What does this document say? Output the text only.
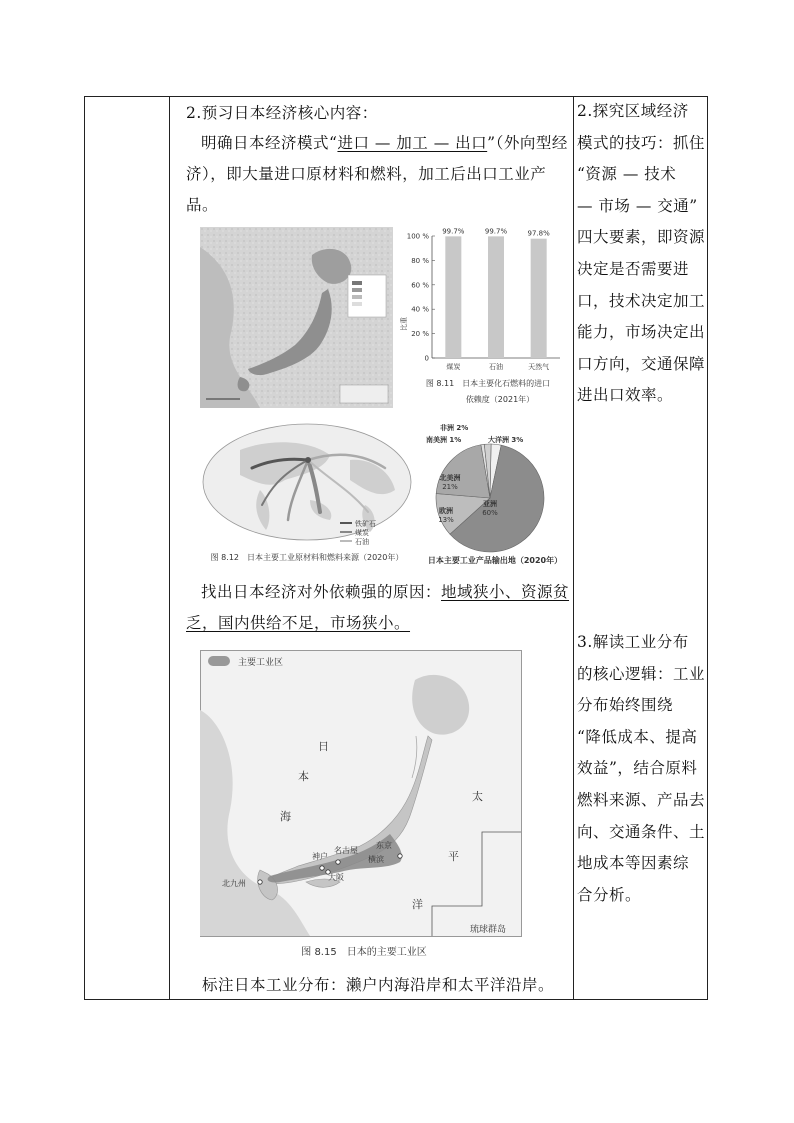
2.预习日本经济核心内容：
明确日本经济模式“进口 — 加工 — 出口”（外向型经济），即大量进口原材料和燃料，加工后出口工业产品。
100 %
80 %
60 %
40 %
20 %
0
99.7%
煤炭
99.7%
石油
97.8%
天然气
比重
图 8.11　日本主要化石燃料的进口
依赖度（2021年）
铁矿石
煤炭
石油
图 8.12　日本主要工业原材料和燃料来源（2020年）
亚洲
60%
欧洲
13%
北美洲
21%
南美洲 1%
非洲 2%
大洋洲 3%
日本主要工业产品输出地（2020年）
找出日本经济对外依赖强的原因：地域狭小、资源贫乏，国内供给不足，市场狭小。
主要工业区
日
本
海
太
平
洋
琉球群岛
北九州
神户
名古屋
大阪
东京
横滨
图 8.15　日本的主要工业区
标注日本工业分布：濑户内海沿岸和太平洋沿岸。
2.探究区域经济
模式的技巧：抓住
“资源 — 技术
— 市场 — 交通”
四大要素，即资源
决定是否需要进
口，技术决定加工
能力，市场决定出
口方向，交通保障
进出口效率。
3.解读工业分布
的核心逻辑：工业
分布始终围绕
“降低成本、提高
效益”，结合原料
燃料来源、产品去
向、交通条件、土
地成本等因素综
合分析。
